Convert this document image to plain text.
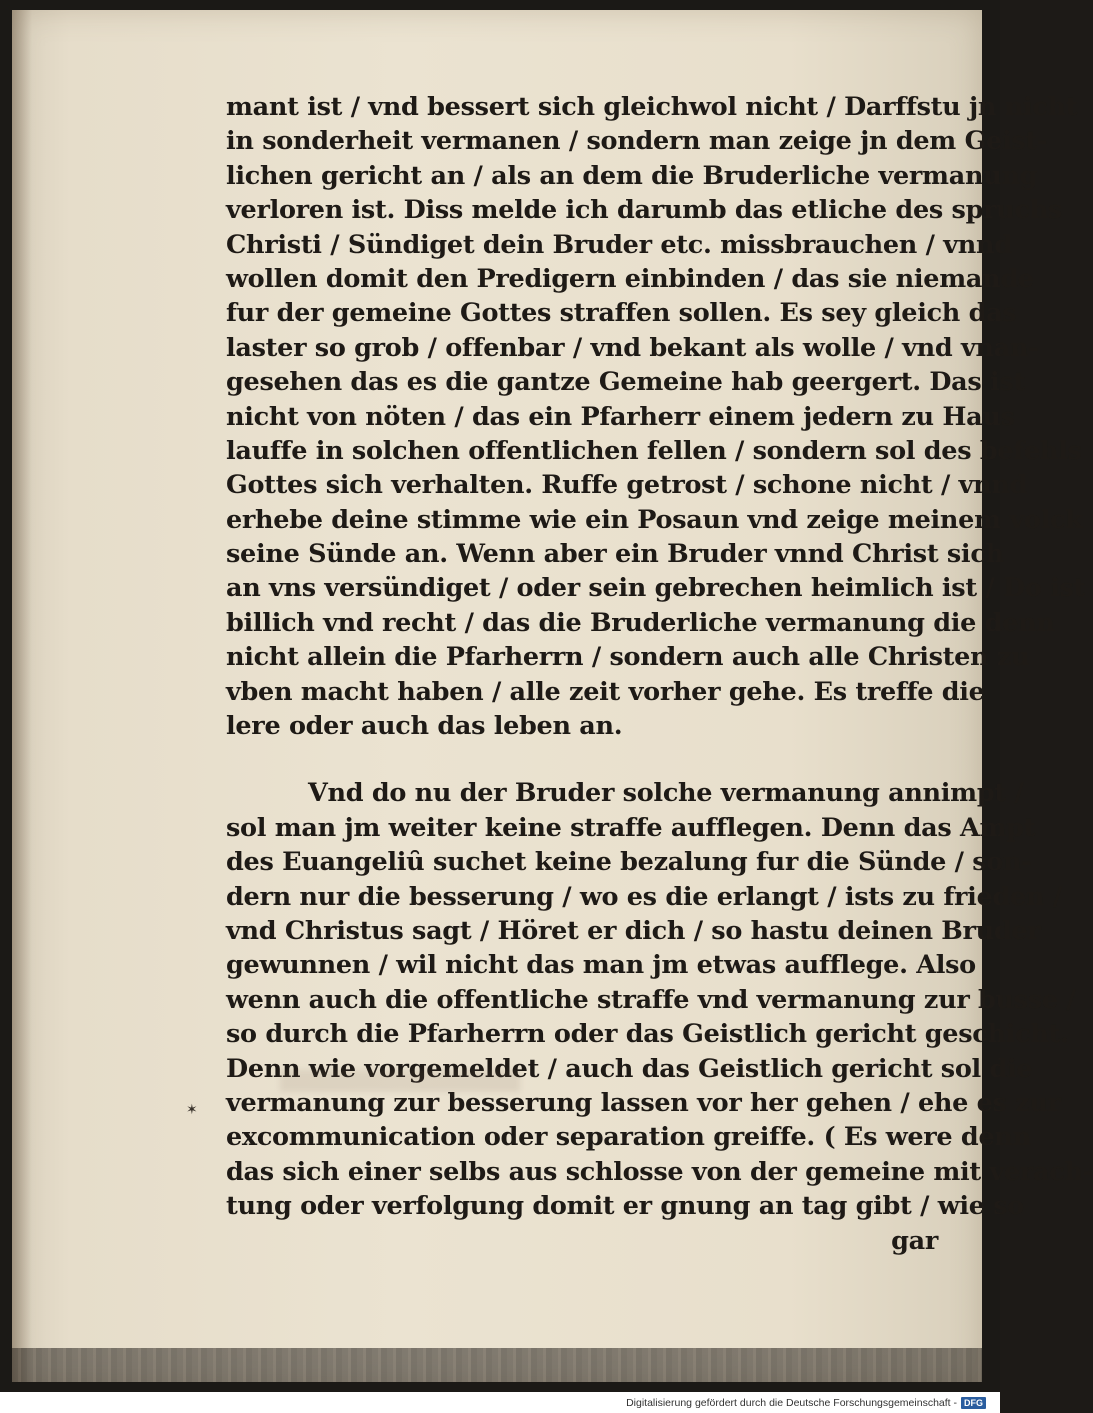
mant ist / vnd bessert sich gleichwol nicht / Darffstu jn nicht
in sonderheit vermanen / sondern man zeige jn dem Geist-
lichen gericht an / als an dem die Bruderliche vermanung
verloren ist. Diss melde ich darumb das etliche des spruchs
Christi / Sündiget dein Bruder etc. missbrauchen / vnnd
wollen domit den Predigern einbinden / das sie niemande
fur der gemeine Gottes straffen sollen. Es sey gleich das
laster so grob / offenbar / vnd bekant als wolle / vnd vnan-
gesehen das es die gantze Gemeine hab geergert. Das ist
nicht von nöten / das ein Pfarherr einem jedern zu Haus
lauffe in solchen offentlichen fellen / sondern sol des befehls
Gottes sich verhalten. Ruffe getrost / schone nicht / vnnd
erhebe deine stimme wie ein Posaun vnd zeige meinem volck
seine Sünde an. Wenn aber ein Bruder vnnd Christ sich
an vns versündiget / oder sein gebrechen heimlich ist / Do ist
billich vnd recht / das die Bruderliche vermanung die denn
nicht allein die Pfarherrn / sondern auch alle Christen zu
vben macht haben / alle zeit vorher gehe. Es treffe die
lere oder auch das leben an.
Vnd do nu der Bruder solche vermanung annimpt /
sol man jm weiter keine straffe aufflegen. Denn das Ampt
des Euangeliȗ suchet keine bezalung fur die Sünde / son-
dern nur die besserung / wo es die erlangt / ists zu frieden /
vnd Christus sagt / Höret er dich / so hastu deinen Bruder
gewunnen / wil nicht das man jm etwas aufflege. Also
wenn auch die offentliche straffe vnd vermanung zur busse /
so durch die Pfarherrn oder das Geistlich gericht geschicht.
Denn wie vorgemeldet / auch das Geistlich gericht sol die
vermanung zur besserung lassen vor her gehen / ehe es zur
excommunication oder separation greiffe. ( Es were denn
das sich einer selbs aus schlosse von der gemeine mit verach-
tung oder verfolgung domit er gnung an tag gibt / wie so
gar
✶
Digitalisierung gefördert durch die Deutsche Forschungsgemeinschaft - DFG
